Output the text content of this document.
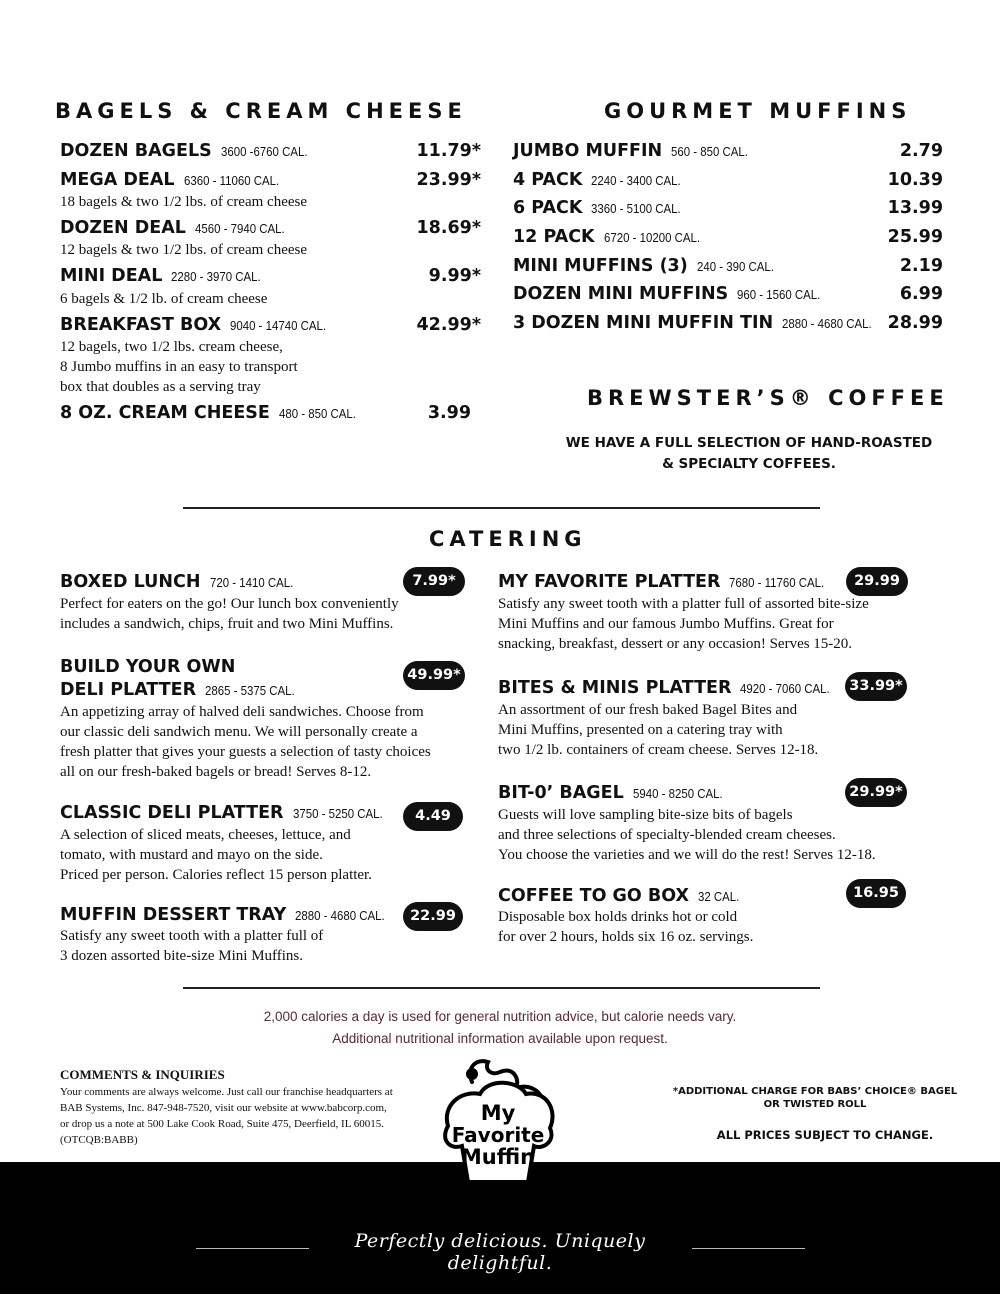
BAGELS & CREAM CHEESE
DOZEN BAGELS 3600 -6760 CAL.	11.79*
MEGA DEAL 6360 - 11060 CAL.	23.99*
18 bagels & two 1/2 lbs. of cream cheese
DOZEN DEAL 4560 - 7940 CAL.	18.69*
12 bagels & two 1/2 lbs. of cream cheese
MINI DEAL 2280 - 3970 CAL.	9.99*
6 bagels & 1/2 lb. of cream cheese
BREAKFAST BOX 9040 - 14740 CAL.	42.99*
12 bagels, two 1/2 lbs. cream cheese,
8 Jumbo muffins in an easy to transport
box that doubles as a serving tray
8 OZ. CREAM CHEESE 480 - 850 CAL.	3.99
GOURMET MUFFINS
JUMBO MUFFIN 560 - 850 CAL.	2.79
4 PACK 2240 - 3400 CAL.	10.39
6 PACK 3360 - 5100 CAL.	13.99
12 PACK 6720 - 10200 CAL.	25.99
MINI MUFFINS (3) 240 - 390 CAL.	2.19
DOZEN MINI MUFFINS 960 - 1560 CAL.	6.99
3 DOZEN MINI MUFFIN TIN 2880 - 4680 CAL. 28.99
BREWSTER’S® COFFEE
WE HAVE A FULL SELECTION OF HAND-ROASTED
& SPECIALTY COFFEES.
CATERING
BOXED LUNCH 720 - 1410 CAL.	7.99*
Perfect for eaters on the go! Our lunch box conveniently
includes a sandwich, chips, fruit and two Mini Muffins.
BUILD YOUR OWN
DELI PLATTER 2865 - 5375 CAL.
49.99*
An appetizing array of halved deli sandwiches. Choose from
our classic deli sandwich menu. We will personally create a
fresh platter that gives your guests a selection of tasty choices
all on our fresh-baked bagels or bread! Serves 8-12.
CLASSIC DELI PLATTER 3750 - 5250 CAL.	4.49
A selection of sliced meats, cheeses, lettuce, and
tomato, with mustard and mayo on the side.
Priced per person. Calories reflect 15 person platter.
MUFFIN DESSERT TRAY 2880 - 4680 CAL.	22.99
Satisfy any sweet tooth with a platter full of
3 dozen assorted bite-size Mini Muffins.
MY FAVORITE PLATTER 7680 - 11760 CAL.	29.99
Satisfy any sweet tooth with a platter full of assorted bite-size
Mini Muffins and our famous Jumbo Muffins. Great for
snacking, breakfast, dessert or any occasion! Serves 15-20.
BITES & MINIS PLATTER 4920 - 7060 CAL. 33.99*
An assortment of our fresh baked Bagel Bites and
Mini Muffins, presented on a catering tray with
two 1/2 lb. containers of cream cheese. Serves 12-18.
BIT-0’ BAGEL 5940 - 8250 CAL.	29.99*
Guests will love sampling bite-size bits of bagels
and three selections of specialty-blended cream cheeses.
You choose the varieties and we will do the rest! Serves 12-18.
COFFEE TO GO BOX 32 CAL.	16.95
Disposable box holds drinks hot or cold
for over 2 hours, holds six 16 oz. servings.
2,000 calories a day is used for general nutrition advice, but calorie needs vary.
Additional nutritional information available upon request.
COMMENTS & INQUIRIES
Your comments are always welcome. Just call our franchise headquarters at
BAB Systems, Inc. 847-948-7520, visit our website at www.babcorp.com,
or drop us a note at 500 Lake Cook Road, Suite 475, Deerfield, IL 60015.
(OTCQB:BABB)
My
Favorite
Muffin
*ADDITIONAL CHARGE FOR BABS’ CHOICE® BAGEL
OR TWISTED ROLL
ALL PRICES SUBJECT TO CHANGE.
Perfectly delicious. Uniquely delightful.
